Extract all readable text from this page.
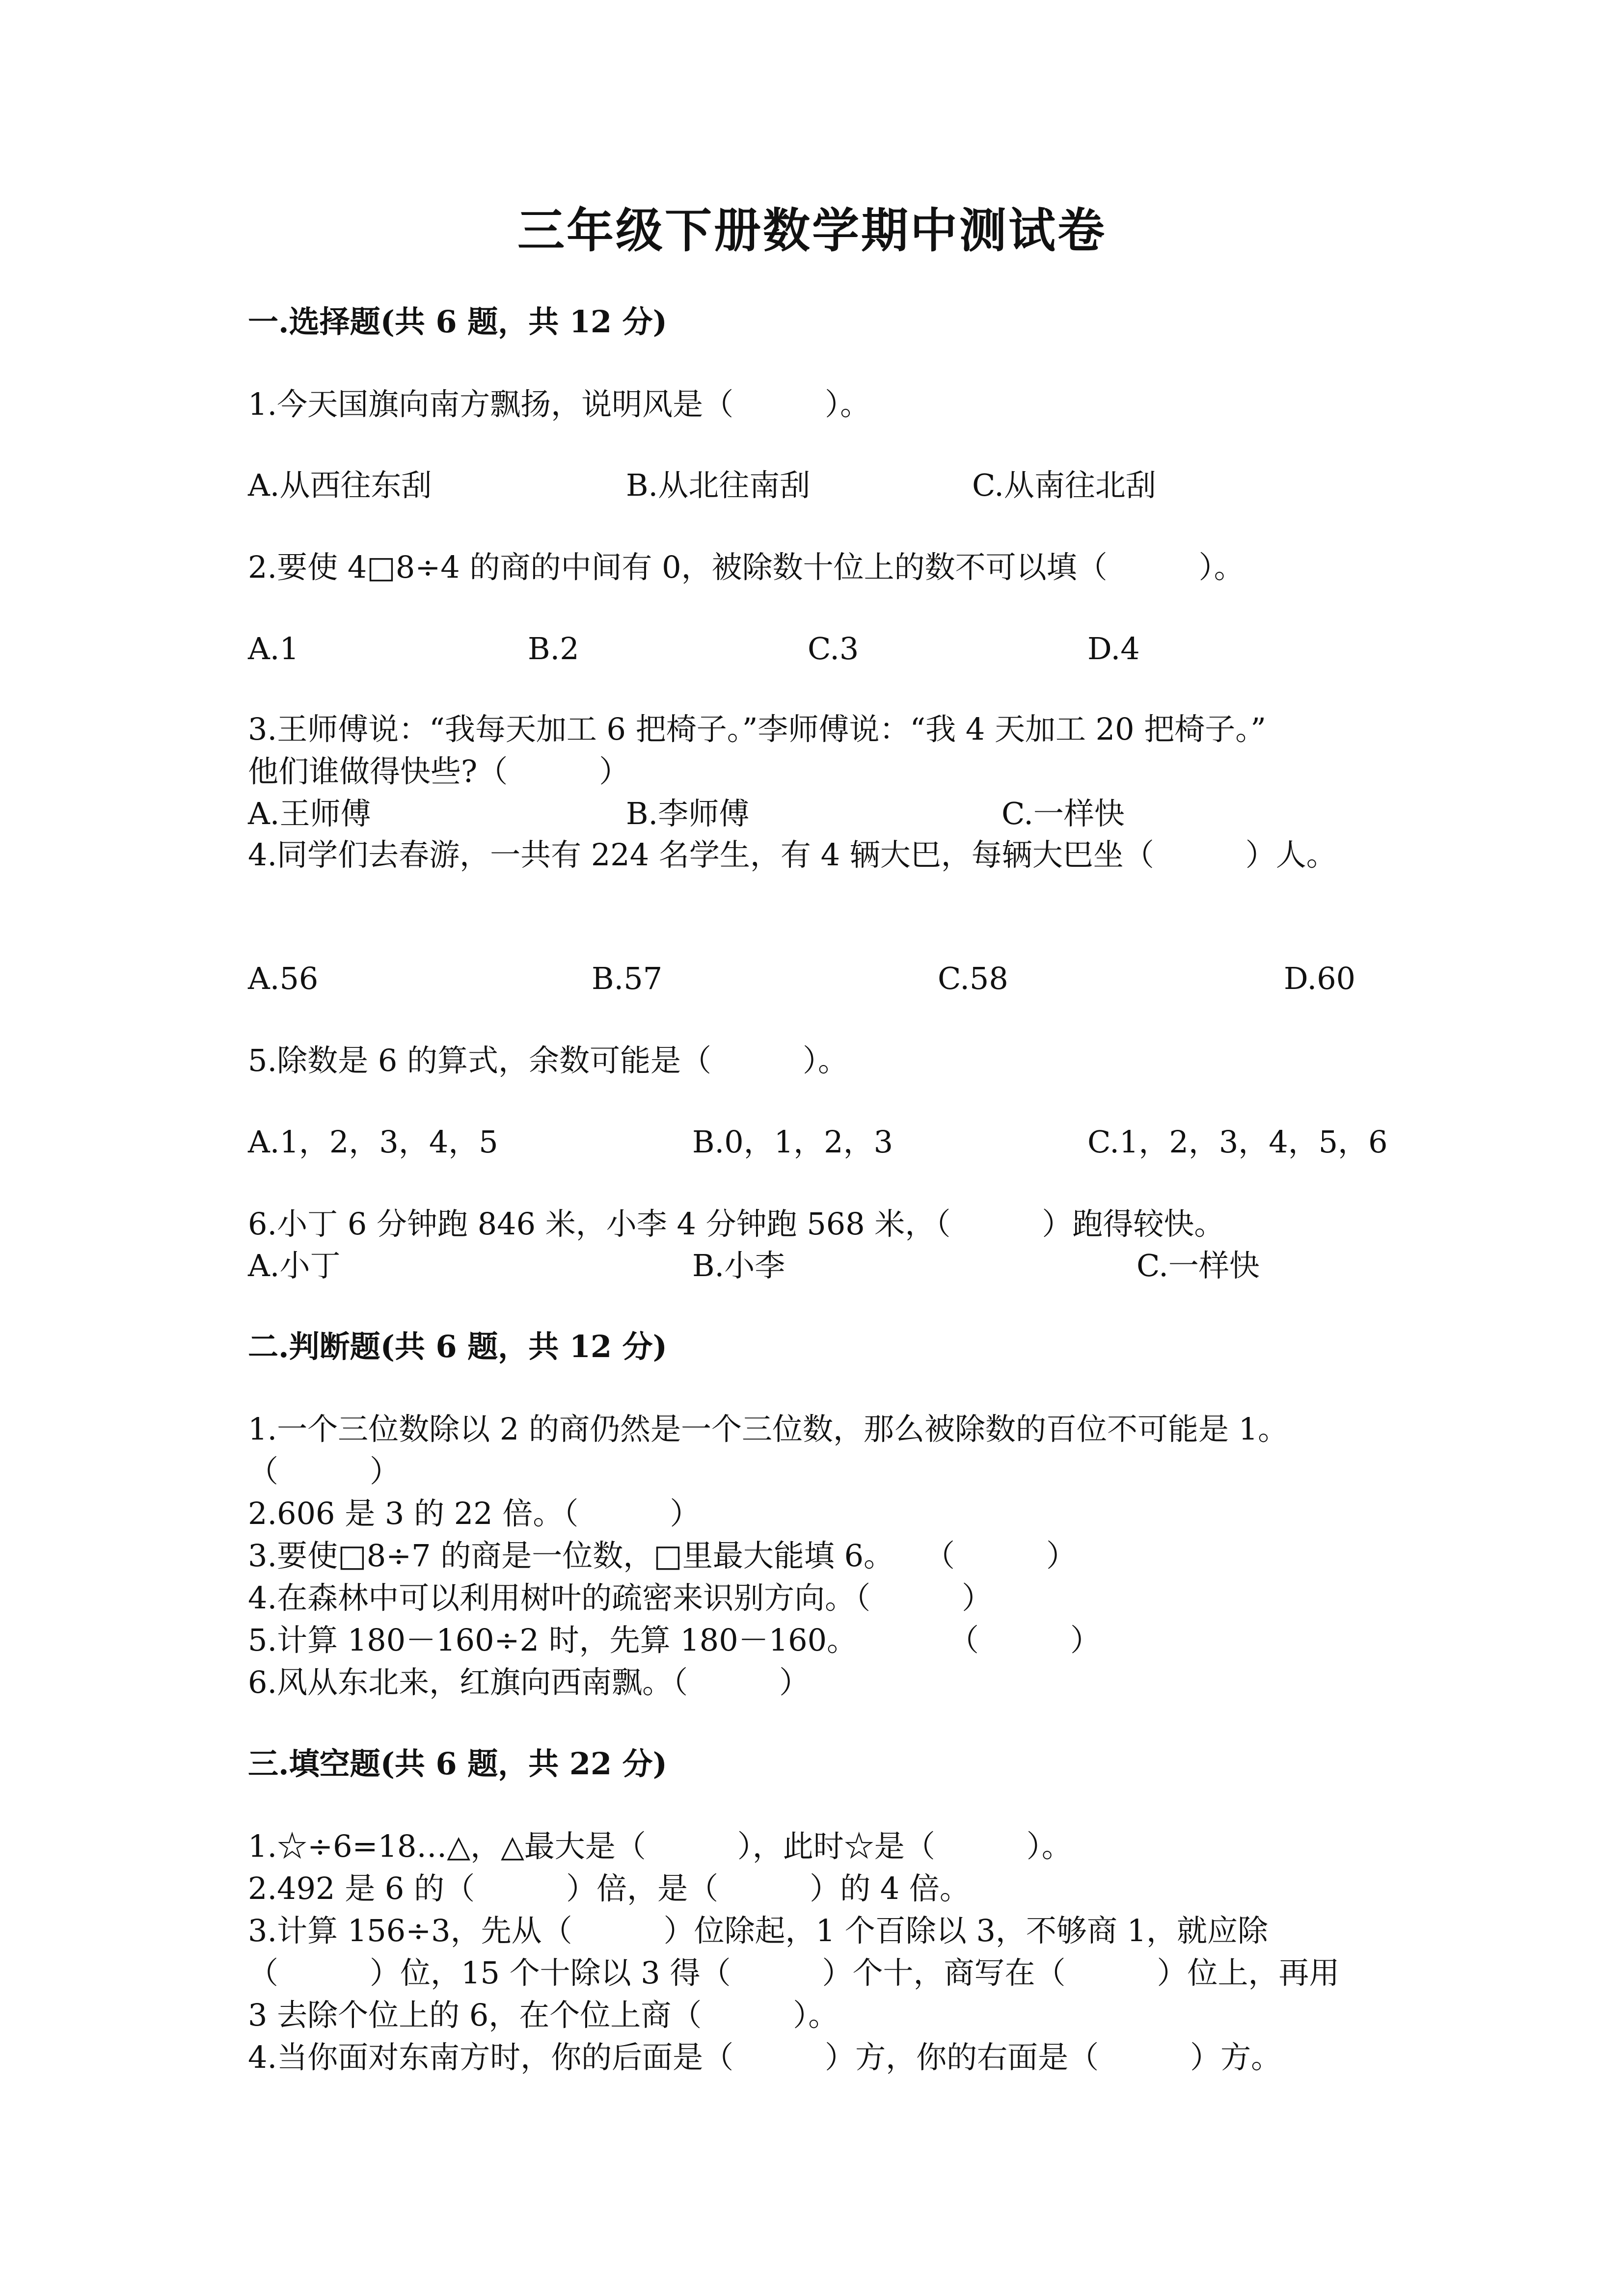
三年级下册数学期中测试卷
一.选择题(共 6 题，共 12 分)
1.今天国旗向南方飘扬，说明风是（　　　）。
A.从西往东刮	B.从北往南刮	C.从南往北刮
2.要使 4□8÷4 的商的中间有 0，被除数十位上的数不可以填（　　　）。
A.1	B.2	C.3	D.4
3.王师傅说：“我每天加工 6 把椅子。”李师傅说：“我 4 天加工 20 把椅子。”
他们谁做得快些?（　　　）
A.王师傅	B.李师傅	C.一样快
4.同学们去春游，一共有 224 名学生，有 4 辆大巴，每辆大巴坐（　　　）人。
A.56	B.57	C.58	D.60
5.除数是 6 的算式，余数可能是（　　　）。
A.1，2，3，4，5	B.0，1，2，3	C.1，2，3，4，5，6
6.小丁 6 分钟跑 846 米，小李 4 分钟跑 568 米，（　　　）跑得较快。
A.小丁	B.小李	C.一样快
二.判断题(共 6 题，共 12 分)
1.一个三位数除以 2 的商仍然是一个三位数，那么被除数的百位不可能是 1。
（　　　）
2.606 是 3 的 22 倍。（　　　）
3.要使□8÷7 的商是一位数，□里最大能填 6。　　（　　　）
4.在森林中可以利用树叶的疏密来识别方向。（　　　）
5.计算 180－160÷2 时，先算 180－160。　　　　（　　　）
6.风从东北来，红旗向西南飘。（　　　）
三.填空题(共 6 题，共 22 分)
1.☆÷6=18…△，△最大是（　　　），此时☆是（　　　）。
2.492 是 6 的（　　　）倍，是（　　　）的 4 倍。
3.计算 156÷3，先从（　　　）位除起，1 个百除以 3，不够商 1，就应除
（　　　）位，15 个十除以 3 得（　　　）个十，商写在（　　　）位上，再用
3 去除个位上的 6，在个位上商（　　　）。
4.当你面对东南方时，你的后面是（　　　）方，你的右面是（　　　）方。
